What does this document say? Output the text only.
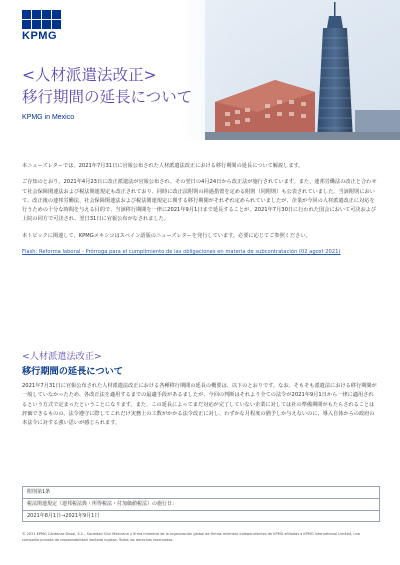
KPMG
<人材派遣法改正>
移行期間の延長について
KPMG in Mexico

本ニューズレターでは、2021年7月31日に官報公布された人材派遣法改正における移行期間の延長について解説します。

ご存知のとおり、2021年4月23日に改正派遣法が官報公布され、その翌日の4月24日から改正法が施行されています。また、連邦労働法の改正と合わせて社会保障関連法および税法関連規定も改正されており、同時に改正法附則の経過措置を定める附則（同附則）も公表されていました。当該附則において、改正後の連邦労働法、社会保障関連法および税法関連規定に関する移行期間がそれぞれ定められていましたが、企業が今回の人材派遣改正に対応を行うための十分な時間を与える目的で、当該移行期間を一律に2021年9月1日まで延長することが、2021年7月30日に行われた国会において可決および上院の同方で可決され、翌日31日に官報公布がなされました。

本トピックに関連して、KPMGメキシコはスペイン語版のニューズレターを発行しています。必要に応じてご参照ください。

Flash: Reforma laboral - Prórroga para el cumplimiento de las obligaciones en materia de subcontratación (02 agost 2021)

<人材派遣法改正>
移行期間の延長について
2021年7月31日に官報公布された人材派遣法改正における各種移行期間の延長の概要は、以下のとおりです。なお、そもそも派遣法における移行期間が一般していなかったため、各改正法を適用するまでの最適手段があるましたが、今回の判断はそれより全ての法令が2021年9月1日から一律に適用されるという方式で定まったということになります。また、この延長によってまだ対応が完了していない企業に対しては社の準備期間がもたらされることは評価できるものの、法令遵守に際してこれだけ実務上の工数がかかる法令改正に対し、わずかな月程度の猶予しか与えないのに、導入自体からの政府の本法令に対する強い思いが感じられます。
附則第1条
税法関連規定（連邦税法典・所得税法・付加価値税法）の施行日：
2021年8月1日→2021年9月1日
© 2021 KPMG Cárdenas Dosal, S.C., Sociedad Civil Mexicana y firma miembro de la organización global de firmas miembro independientes de KPMG afiliadas a KPMG International Limited, una compañía privada de responsabilidad limitada inglesa. Todos los derechos reservados.
